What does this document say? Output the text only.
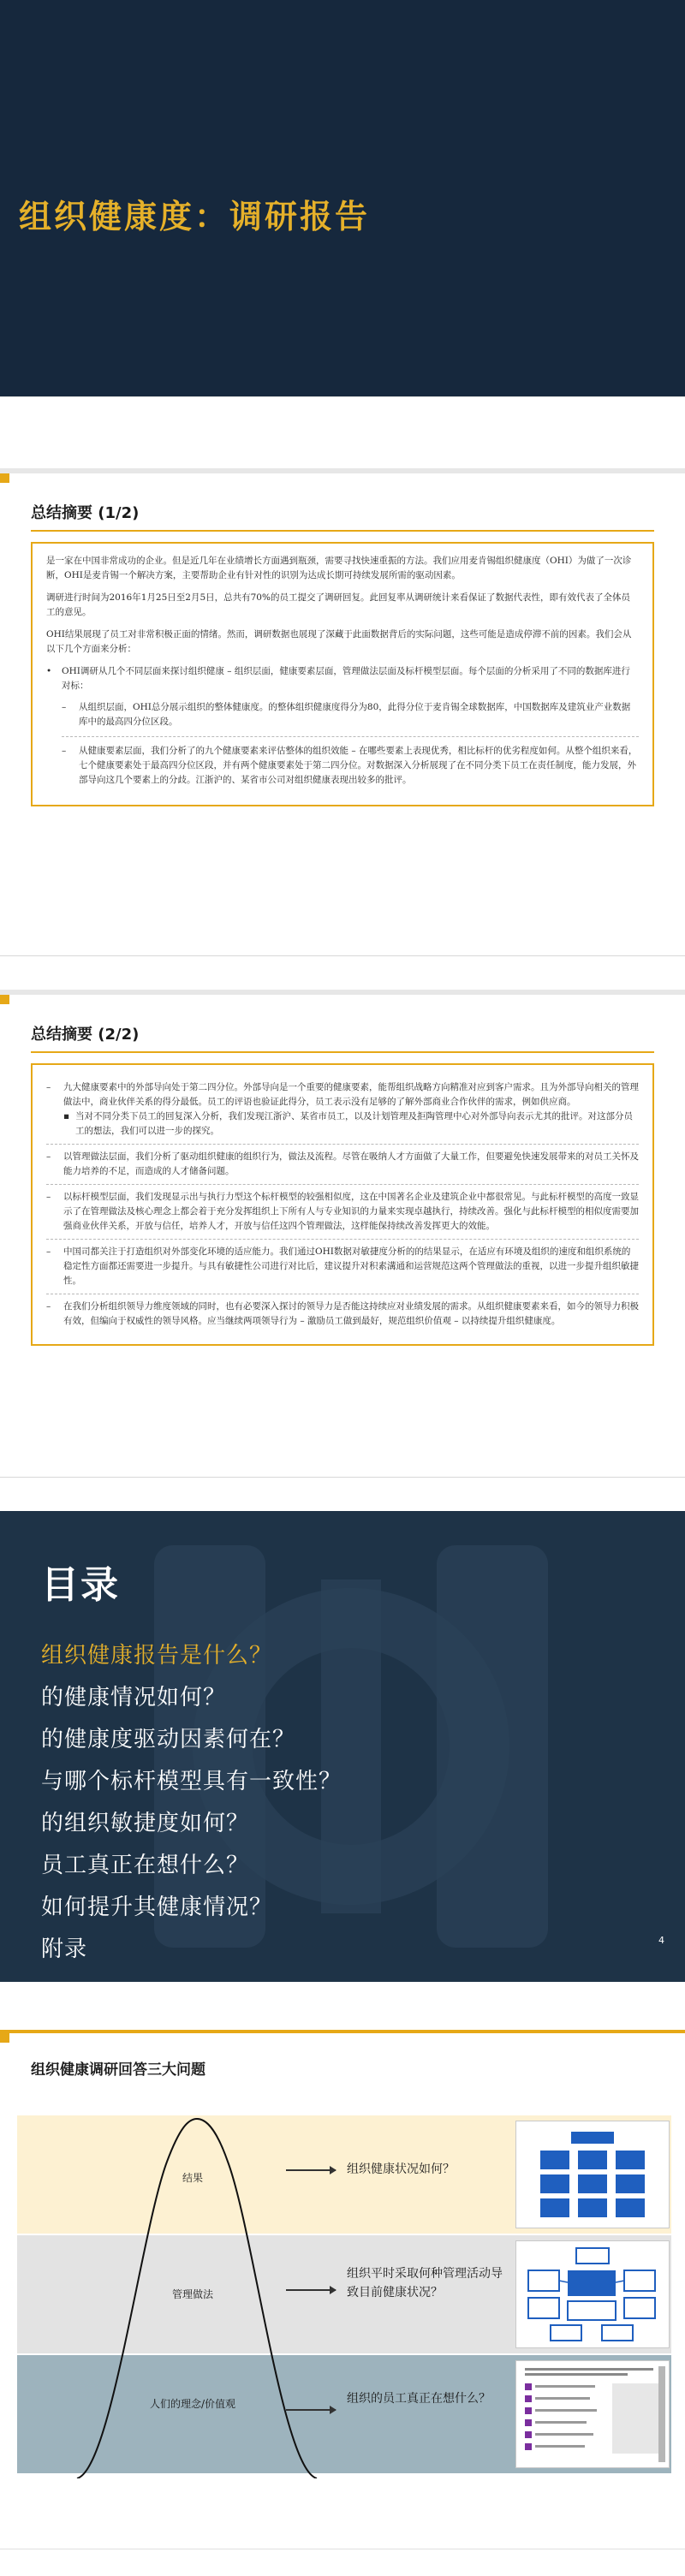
组织健康度：调研报告
总结摘要 (1/2)

是一家在中国非常成功的企业。但是近几年在业绩增长方面遇到瓶颈，需要寻找快速重振的方法。我们应用麦肯锡组织健康度（OHI）为做了一次诊断，OHI是麦肯锡一个解决方案，主要帮助企业有针对性的识别为达成长期可持续发展所需的驱动因素。

调研进行时间为2016年1月25日至2月5日，总共有70%的员工提交了调研回复。此回复率从调研统计来看保证了数据代表性，即有效代表了全体员工的意见。

OHI结果展现了员工对非常积极正面的情绪。然而，调研数据也展现了深藏于此面数据背后的实际问题，这些可能是造成停滞不前的因素。我们会从以下几个方面来分析：

•	OHI调研从几个不同层面来探讨组织健康 – 组织层面，健康要素层面，管理做法层面及标杆模型层面。每个层面的分析采用了不同的数据库进行对标：
–	从组织层面，OHI总分展示组织的整体健康度。的整体组织健康度得分为80，此得分位于麦肯锡全球数据库，中国数据库及建筑业产业数据库中的最高四分位区段。
–	从健康要素层面，我们分析了的九个健康要素来评估整体的组织效能 – 在哪些要素上表现优秀，相比标杆的优劣程度如何。从整个组织来看，七个健康要素处于最高四分位区段，并有两个健康要素处于第二四分位。对数据深入分析展现了在不同分类下员工在责任制度，能力发展，外部导向这几个要素上的分歧。江浙沪的、某省市公司对组织健康表现出较多的批评。
总结摘要 (2/2)
–	九大健康要素中的外部导向处于第二四分位。外部导向是一个重要的健康要素，能帮组织战略方向精准对应到客户需求。且为外部导向相关的管理做法中，商业伙伴关系的得分最低。员工的评语也验证此得分，员工表示没有足够的了解外部商业合作伙伴的需求，例如供应商。
▪ 当对不同分类下员工的回复深入分析，我们发现江浙沪、某省市员工，以及计划管理及拒陶管理中心对外部导向表示尤其的批评。对这部分员工的想法，我们可以进一步的探究。
–	以管理做法层面，我们分析了驱动组织健康的组织行为，做法及流程。尽管在吸纳人才方面做了大量工作，但要避免快速发展带来的对员工关怀及能力培养的不足，而造成的人才储备问题。
–	以标杆模型层面，我们发现显示出与执行力型这个标杆模型的较强相似度，这在中国著名企业及建筑企业中都很常见。与此标杆模型的高度一致显示了在管理做法及核心理念上都会着于充分发挥组织上下所有人与专业知识的力量来实现卓越执行，持续改善。强化与此标杆模型的相似度需要加强商业伙伴关系，开放与信任，培养人才，开放与信任这四个管理做法，这样能保持续改善发挥更大的效能。
–	中国司都关注于打造组织对外部变化环境的适应能力。我们通过OHI数据对敏捷度分析的的结果显示，在适应有环境及组织的速度和组织系统的稳定性方面都还需要进一步提升。与具有敏捷性公司进行对比后，建议提升对积素溝通和运营规范这两个管理做法的重视，以进一步提升组织敏捷性。
–	在我们分析组织领导力维度领域的同时，也有必要深入探讨的领导力是否能这持续应对业绩发展的需求。从组织健康要素来看，如今的领导力积极有效，但编向于权威性的领导风格。应当继续两项领导行为 – 激励员工做到最好，规范组织价值观 – 以持续提升组织健康度。
目录
组织健康报告是什么？
的健康情况如何？
的健康度驱动因素何在？
与哪个标杆模型具有一致性？
的组织敏捷度如何？
员工真正在想什么？
如何提升其健康情况？
附录	4
组织健康调研回答三大问题
结果
管理做法
人们的理念/价值观
组织健康状况如何？
组织平时采取何种管理活动导致目前健康状况？
组织的员工真正在想什么？
